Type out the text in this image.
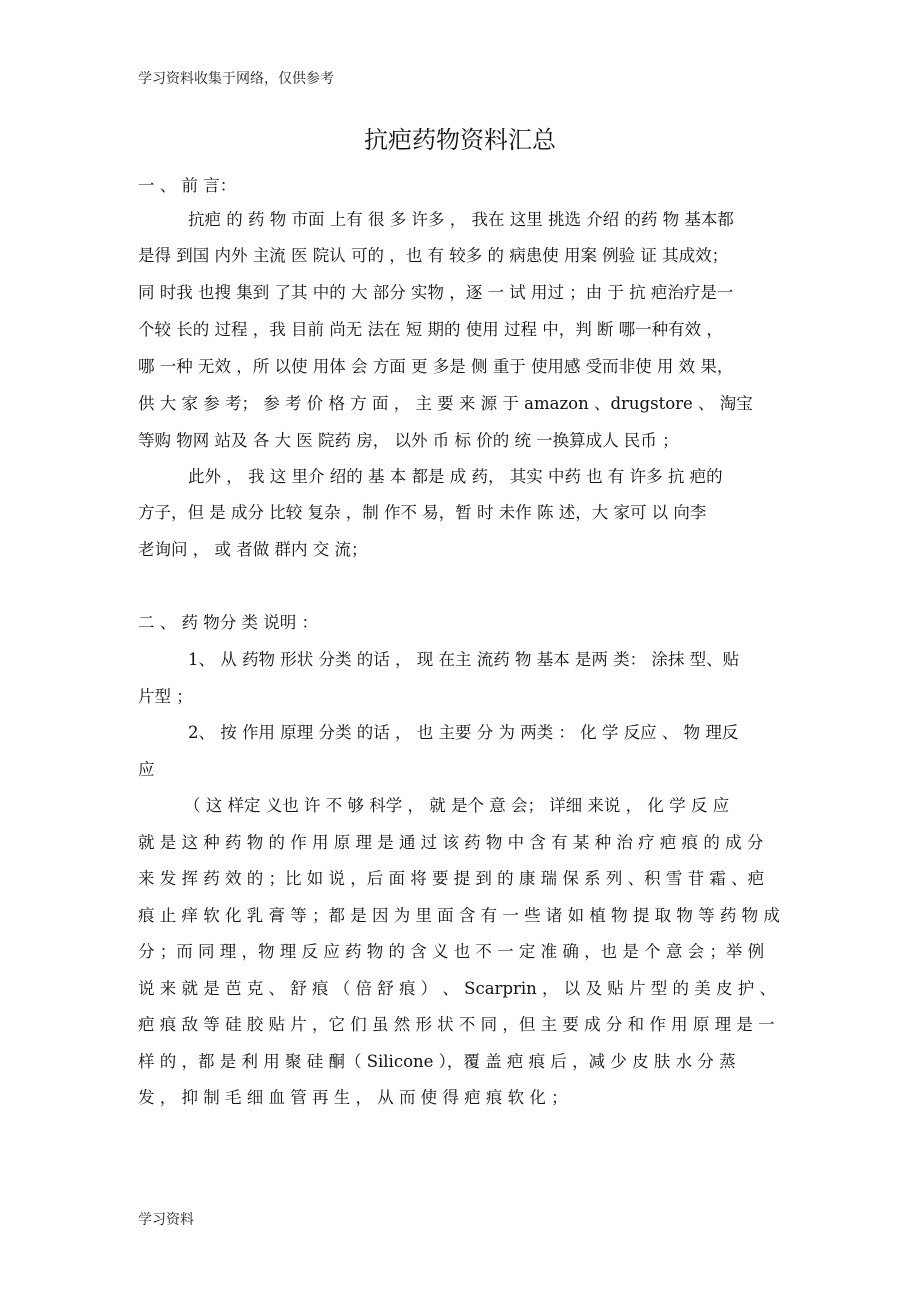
学习资料收集于网络，仅供参考
抗疤药物资料汇总
一 、 前 言：
抗疤 的 药 物 市面 上有 很 多 许多 ， 我在 这里 挑选 介绍 的药 物 基本都
是得 到国 内外 主流 医 院认 可的 ，也 有 较多 的 病患使 用案 例验 证 其成效；
同 时我 也搜 集到 了其 中的 大 部分 实物 ，逐 一 试 用过 ；由 于 抗 疤治疗是一
个较 长的 过程 ，我 目前 尚无 法在 短 期的 使用 过程 中，判 断 哪一种有效 ，
哪 一种 无效 ，所 以使 用体 会 方面 更 多是 侧 重于 使用感 受而非使 用 效 果，
供 大 家 参 考； 参 考 价 格 方 面 ， 主 要 来 源 于 amazon 、drugstore 、 淘宝
等购 物网 站及 各 大 医 院药 房， 以外 币 标 价的 统 一换算成人 民币 ；
此外 ， 我 这 里介 绍的 基 本 都是 成 药， 其实 中药 也 有 许多 抗 疤的
方子，但 是 成分 比较 复杂 ，制 作不 易，暂 时 未作 陈 述，大 家可 以 向李
老询问 ， 或 者做 群内 交 流；
二 、 药 物分 类 说明 ：
1、 从 药物 形状 分类 的话 ， 现 在主 流药 物 基本 是两 类： 涂抹 型、贴
片型 ；
2、 按 作用 原理 分类 的话 ， 也 主要 分 为 两类 ： 化 学 反应 、 物 理反
应
（ 这 样定 义也 许 不 够 科学 ， 就 是个 意 会； 详细 来说 ， 化 学 反 应
就 是 这 种 药 物 的 作 用 原 理 是 通 过 该 药 物 中 含 有 某 种 治 疗 疤 痕 的 成 分
来 发 挥 药 效 的 ；比 如 说 ，后 面 将 要 提 到 的 康 瑞 保 系 列 、积 雪 苷 霜 、疤
痕 止 痒 软 化 乳 膏 等 ；都 是 因 为 里 面 含 有 一 些 诸 如 植 物 提 取 物 等 药 物 成
分 ；而 同 理 ，物 理 反 应 药 物 的 含 义 也 不 一 定 准 确 ，也 是 个 意 会 ；举 例
说 来 就 是 芭 克 、 舒 痕 （ 倍 舒 痕 ） 、 Scarprin ， 以 及 贴 片 型 的 美 皮 护 、
疤 痕 敌 等 硅 胶 贴 片 ，它 们 虽 然 形 状 不 同 ，但 主 要 成 分 和 作 用 原 理 是 一
样 的 ，都 是 利 用 聚 硅 酮（ Silicone ），覆 盖 疤 痕 后 ，减 少 皮 肤 水 分 蒸
发 ， 抑 制 毛 细 血 管 再 生 ， 从 而 使 得 疤 痕 软 化 ；
学习资料
